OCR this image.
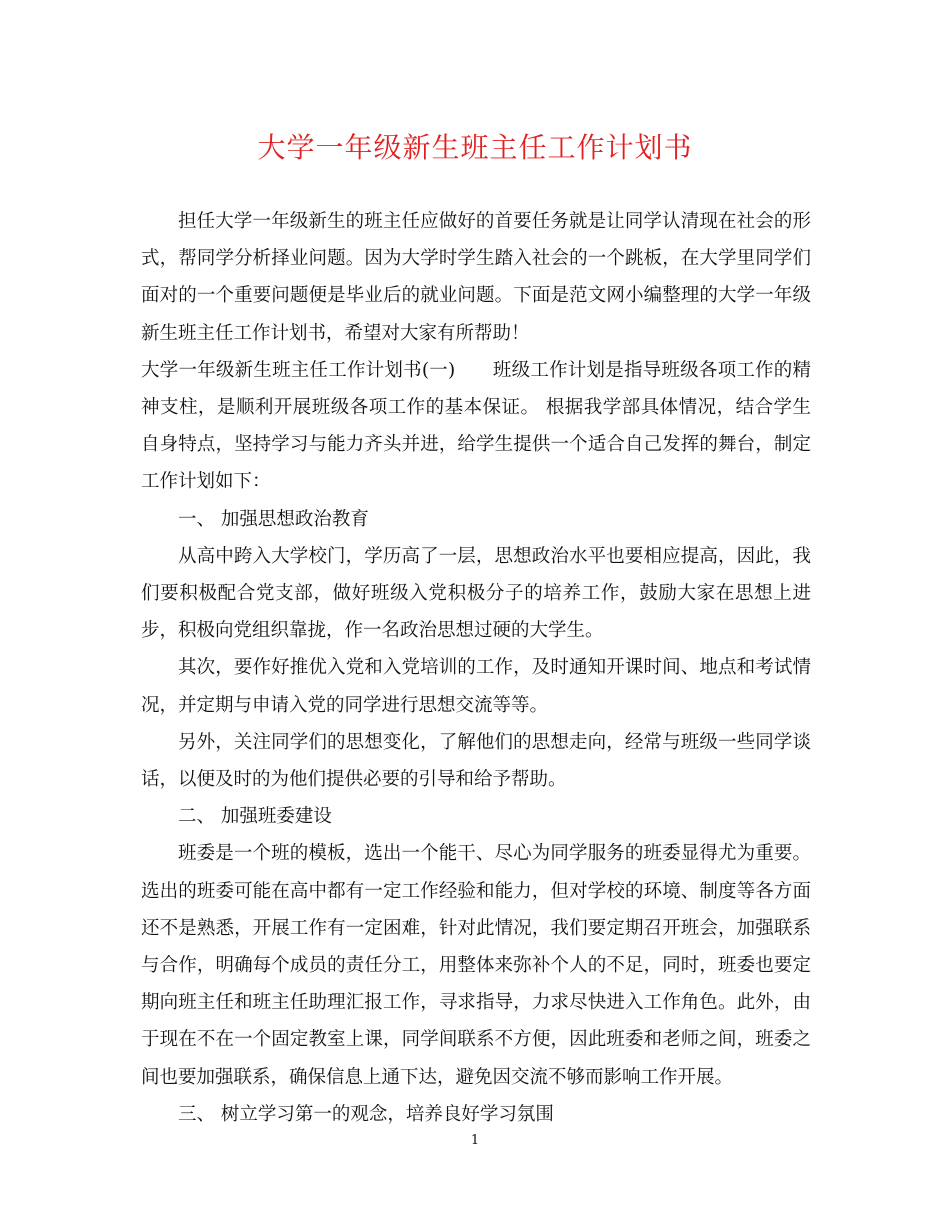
大学一年级新生班主任工作计划书

担任大学一年级新生的班主任应做好的首要任务就是让同学认清现在社会的形式，帮同学分析择业问题。因为大学时学生踏入社会的一个跳板，在大学里同学们面对的一个重要问题便是毕业后的就业问题。下面是范文网小编整理的大学一年级新生班主任工作计划书，希望对大家有所帮助！

大学一年级新生班主任工作计划书(一)　　班级工作计划是指导班级各项工作的精神支柱，是顺利开展班级各项工作的基本保证。 根据我学部具体情况，结合学生自身特点，坚持学习与能力齐头并进，给学生提供一个适合自己发挥的舞台，制定工作计划如下：

一、 加强思想政治教育

从高中跨入大学校门，学历高了一层，思想政治水平也要相应提高，因此，我们要积极配合党支部，做好班级入党积极分子的培养工作，鼓励大家在思想上进步，积极向党组织靠拢，作一名政治思想过硬的大学生。

其次，要作好推优入党和入党培训的工作，及时通知开课时间、地点和考试情况，并定期与申请入党的同学进行思想交流等等。

另外，关注同学们的思想变化，了解他们的思想走向，经常与班级一些同学谈话，以便及时的为他们提供必要的引导和给予帮助。

二、 加强班委建设

班委是一个班的模板，选出一个能干、尽心为同学服务的班委显得尤为重要。选出的班委可能在高中都有一定工作经验和能力，但对学校的环境、制度等各方面还不是熟悉，开展工作有一定困难，针对此情况，我们要定期召开班会，加强联系与合作，明确每个成员的责任分工，用整体来弥补个人的不足，同时，班委也要定期向班主任和班主任助理汇报工作，寻求指导，力求尽快进入工作角色。此外，由于现在不在一个固定教室上课，同学间联系不方便，因此班委和老师之间，班委之间也要加强联系，确保信息上通下达，避免因交流不够而影响工作开展。

三、 树立学习第一的观念，培养良好学习氛围

1
